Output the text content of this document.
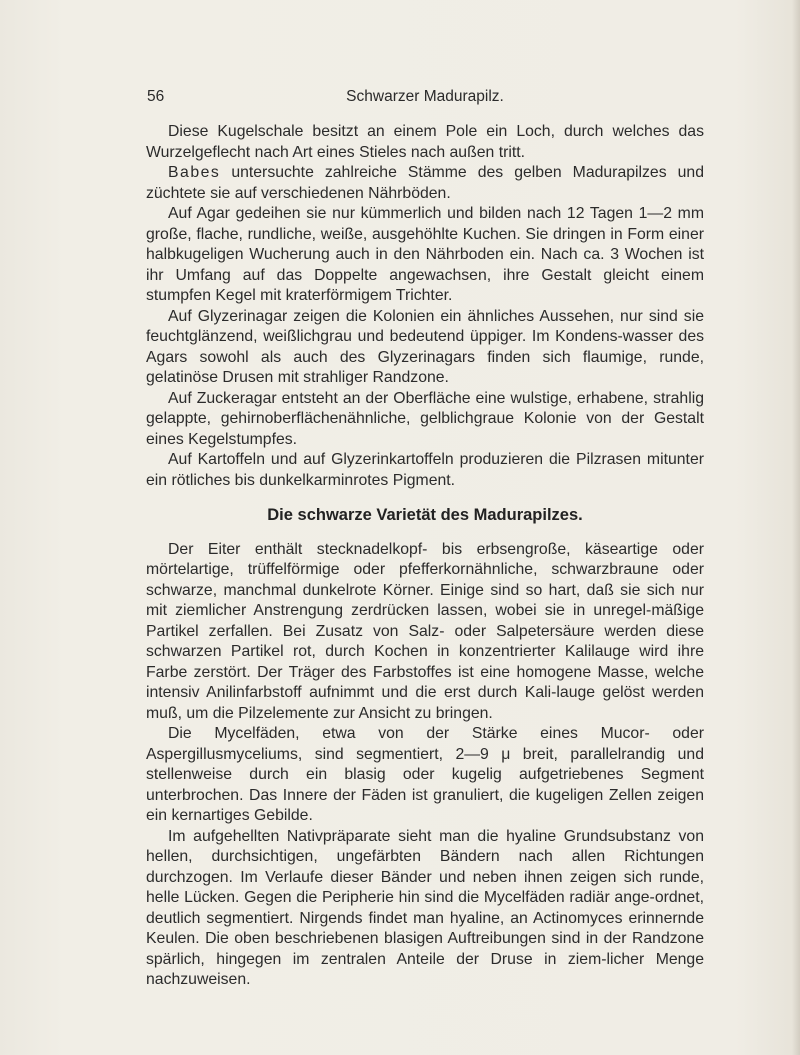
56	Schwarzer Madurapilz.

Diese Kugelschale besitzt an einem Pole ein Loch, durch welches das Wurzelgeflecht nach Art eines Stieles nach außen tritt.

Babes untersuchte zahlreiche Stämme des gelben Madurapilzes und züchtete sie auf verschiedenen Nährböden.

Auf Agar gedeihen sie nur kümmerlich und bilden nach 12 Tagen 1—2 mm große, flache, rundliche, weiße, ausgehöhlte Kuchen. Sie dringen in Form einer halbkugeligen Wucherung auch in den Nährboden ein. Nach ca. 3 Wochen ist ihr Umfang auf das Doppelte angewachsen, ihre Gestalt gleicht einem stumpfen Kegel mit kraterförmigem Trichter.

Auf Glyzerinagar zeigen die Kolonien ein ähnliches Aussehen, nur sind sie feuchtglänzend, weißlichgrau und bedeutend üppiger. Im Kondens-wasser des Agars sowohl als auch des Glyzerinagars finden sich flaumige, runde, gelatinöse Drusen mit strahliger Randzone.

Auf Zuckeragar entsteht an der Oberfläche eine wulstige, erhabene, strahlig gelappte, gehirnoberflächenähnliche, gelblichgraue Kolonie von der Gestalt eines Kegelstumpfes.

Auf Kartoffeln und auf Glyzerinkartoffeln produzieren die Pilzrasen mitunter ein rötliches bis dunkelkarminrotes Pigment.

Die schwarze Varietät des Madurapilzes.

Der Eiter enthält stecknadelkopf- bis erbsengroße, käseartige oder mörtelartige, trüffelförmige oder pfefferkornähnliche, schwarzbraune oder schwarze, manchmal dunkelrote Körner. Einige sind so hart, daß sie sich nur mit ziemlicher Anstrengung zerdrücken lassen, wobei sie in unregel-mäßige Partikel zerfallen. Bei Zusatz von Salz- oder Salpetersäure werden diese schwarzen Partikel rot, durch Kochen in konzentrierter Kalilauge wird ihre Farbe zerstört. Der Träger des Farbstoffes ist eine homogene Masse, welche intensiv Anilinfarbstoff aufnimmt und die erst durch Kali-lauge gelöst werden muß, um die Pilzelemente zur Ansicht zu bringen.

Die Mycelfäden, etwa von der Stärke eines Mucor- oder Aspergillusmyceliums, sind segmentiert, 2—9 μ breit, parallelrandig und stellenweise durch ein blasig oder kugelig aufgetriebenes Segment unterbrochen. Das Innere der Fäden ist granuliert, die kugeligen Zellen zeigen ein kernartiges Gebilde.

Im aufgehellten Nativpräparate sieht man die hyaline Grundsubstanz von hellen, durchsichtigen, ungefärbten Bändern nach allen Richtungen durchzogen. Im Verlaufe dieser Bänder und neben ihnen zeigen sich runde, helle Lücken. Gegen die Peripherie hin sind die Mycelfäden radiär ange-ordnet, deutlich segmentiert. Nirgends findet man hyaline, an Actinomyces erinnernde Keulen. Die oben beschriebenen blasigen Auftreibungen sind in der Randzone spärlich, hingegen im zentralen Anteile der Druse in ziem-licher Menge nachzuweisen.
